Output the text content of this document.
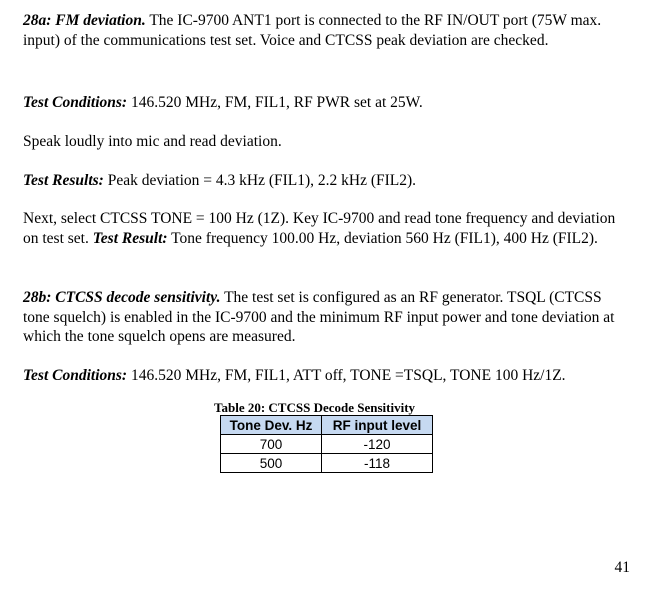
28a: FM deviation. The IC-9700 ANT1 port is connected to the RF IN/OUT port (75W max. input) of the communications test set. Voice and CTCSS peak deviation are checked.

Test Conditions: 146.520 MHz, FM, FIL1, RF PWR set at 25W.

Speak loudly into mic and read deviation.

Test Results: Peak deviation = 4.3 kHz (FIL1), 2.2 kHz (FIL2).

Next, select CTCSS TONE = 100 Hz (1Z). Key IC-9700 and read tone frequency and deviation on test set. Test Result: Tone frequency 100.00 Hz, deviation 560 Hz (FIL1), 400 Hz (FIL2).

28b: CTCSS decode sensitivity. The test set is configured as an RF generator. TSQL (CTCSS tone squelch) is enabled in the IC-9700 and the minimum RF input power and tone deviation at which the tone squelch opens are measured.

Test Conditions: 146.520 MHz, FM, FIL1, ATT off, TONE =TSQL, TONE 100 Hz/1Z.

Table 20: CTCSS Decode Sensitivity
Tone Dev. Hz	RF input level
700	-120
500	-118
41
